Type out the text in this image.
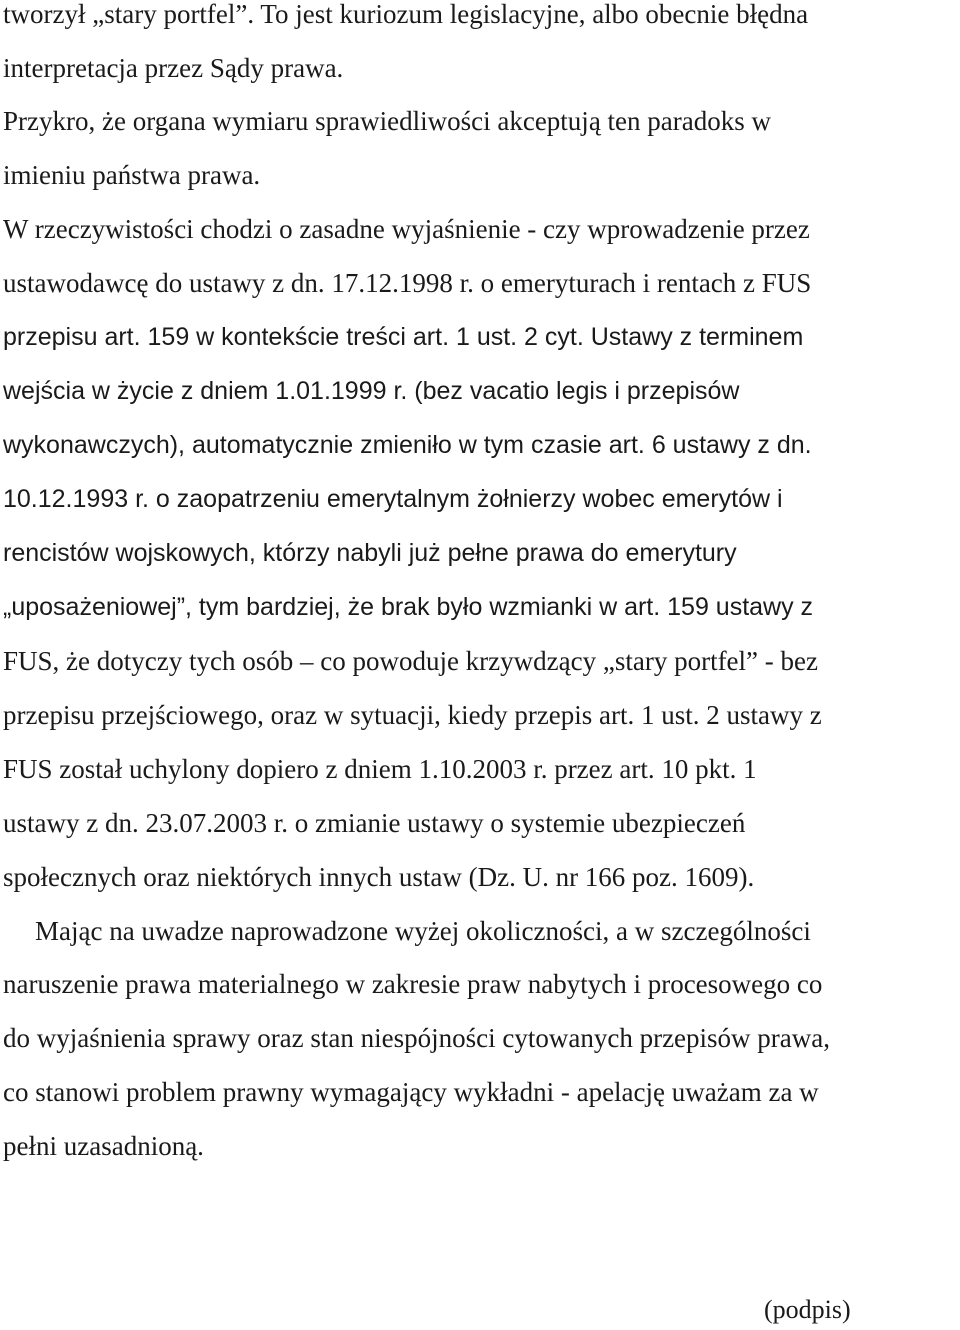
tworzył „stary portfel”. To jest kuriozum legislacyjne, albo obecnie błędna
interpretacja przez Sądy prawa.
Przykro, że organa wymiaru sprawiedliwości akceptują ten paradoks w
imieniu państwa prawa.
W rzeczywistości chodzi o zasadne wyjaśnienie - czy wprowadzenie przez
ustawodawcę do ustawy z dn. 17.12.1998 r. o emeryturach i rentach z FUS
przepisu art. 159 w kontekście treści art. 1 ust. 2 cyt. Ustawy z terminem
wejścia w życie z dniem 1.01.1999 r. (bez vacatio legis i przepisów
wykonawczych), automatycznie zmieniło w tym czasie art. 6 ustawy z dn.
10.12.1993 r. o zaopatrzeniu emerytalnym żołnierzy wobec emerytów i
rencistów wojskowych, którzy nabyli już pełne prawa do emerytury
„uposażeniowej”, tym bardziej, że brak było wzmianki w art. 159 ustawy z
FUS, że dotyczy tych osób – co powoduje krzywdzący „stary portfel” - bez
przepisu przejściowego, oraz w sytuacji, kiedy przepis art. 1 ust. 2 ustawy z
FUS został uchylony dopiero z dniem 1.10.2003 r. przez art. 10 pkt. 1
ustawy z dn. 23.07.2003 r. o zmianie ustawy o systemie ubezpieczeń
społecznych oraz niektórych innych ustaw (Dz. U. nr 166 poz. 1609).
Mając na uwadze naprowadzone wyżej okoliczności, a w szczególności
naruszenie prawa materialnego w zakresie praw nabytych i procesowego co
do wyjaśnienia sprawy oraz stan niespójności cytowanych przepisów prawa,
co stanowi problem prawny wymagający wykładni - apelację uważam za w
pełni uzasadnioną.
(podpis)
